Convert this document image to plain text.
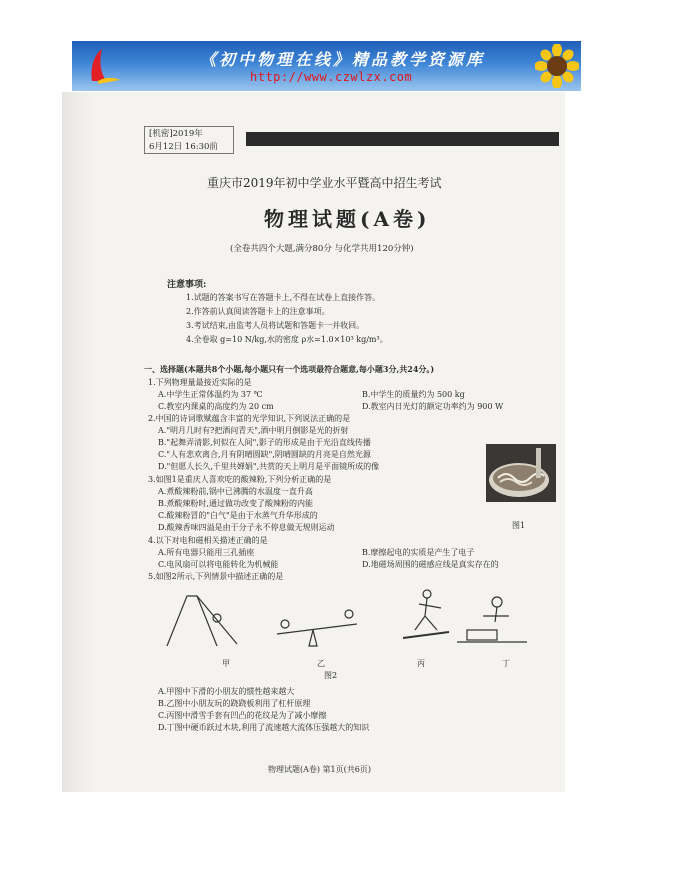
《初中物理在线》精品教学资源库
http://www.czwlzx.com
[机密]2019年
6月12日 16:30前
重庆市2019年初中学业水平暨高中招生考试
物理试题(A卷)
(全卷共四个大题,满分80分 与化学共用120分钟)
注意事项:
1.试题的答案书写在答题卡上,不得在试卷上直接作答。
2.作答前认真阅读答题卡上的注意事项。
3.考试结束,由监考人员将试题和答题卡一并收回。
4.全卷取 g=10 N/kg,水的密度 ρ水=1.0×10³ kg/m³。
一、选择题(本题共8个小题,每小题只有一个选项最符合题意,每小题3分,共24分。)
1.下列物理量最接近实际的是
A.中学生正常体温约为 37 ℃	B.中学生的质量约为 500 kg
C.教室内课桌的高度约为 20 cm	D.教室内日光灯的额定功率约为 900 W
2.中国的诗词歌赋蕴含丰富的光学知识,下列说法正确的是
A."明月几时有?把酒问青天",酒中明月倒影是光的折射
B."起舞弄清影,何似在人间",影子的形成是由于光沿直线传播
C."人有悲欢离合,月有阴晴圆缺",阴晴圆缺的月亮是自然光源
D."但愿人长久,千里共婵娟",共赏的天上明月是平面镜所成的像
3.如图1是重庆人喜欢吃的酸辣粉,下列分析正确的是
A.煮酸辣粉前,锅中已沸腾的水温度一直升高
B.煮酸辣粉时,通过做功改变了酸辣粉的内能
C.酸辣粉冒的"白气"是由于水蒸气升华形成的
D.酸辣香味四溢是由于分子永不停息做无规则运动	图1
4.以下对电和磁相关描述正确的是
A.所有电器只能用三孔插座	B.摩擦起电的实质是产生了电子
C.电风扇可以将电能转化为机械能	D.地磁场周围的磁感应线是真实存在的
5.如图2所示,下列情景中描述正确的是
甲	乙	丙	丁
图2
A.甲图中下滑的小朋友的惯性越来越大
B.乙图中小朋友玩的跷跷板利用了杠杆原理
C.丙图中滑雪手套有凹凸的花纹是为了减小摩擦
D.丁图中硬币跃过木块,利用了流速越大流体压强越大的知识
物理试题(A卷) 第1页(共6页)
